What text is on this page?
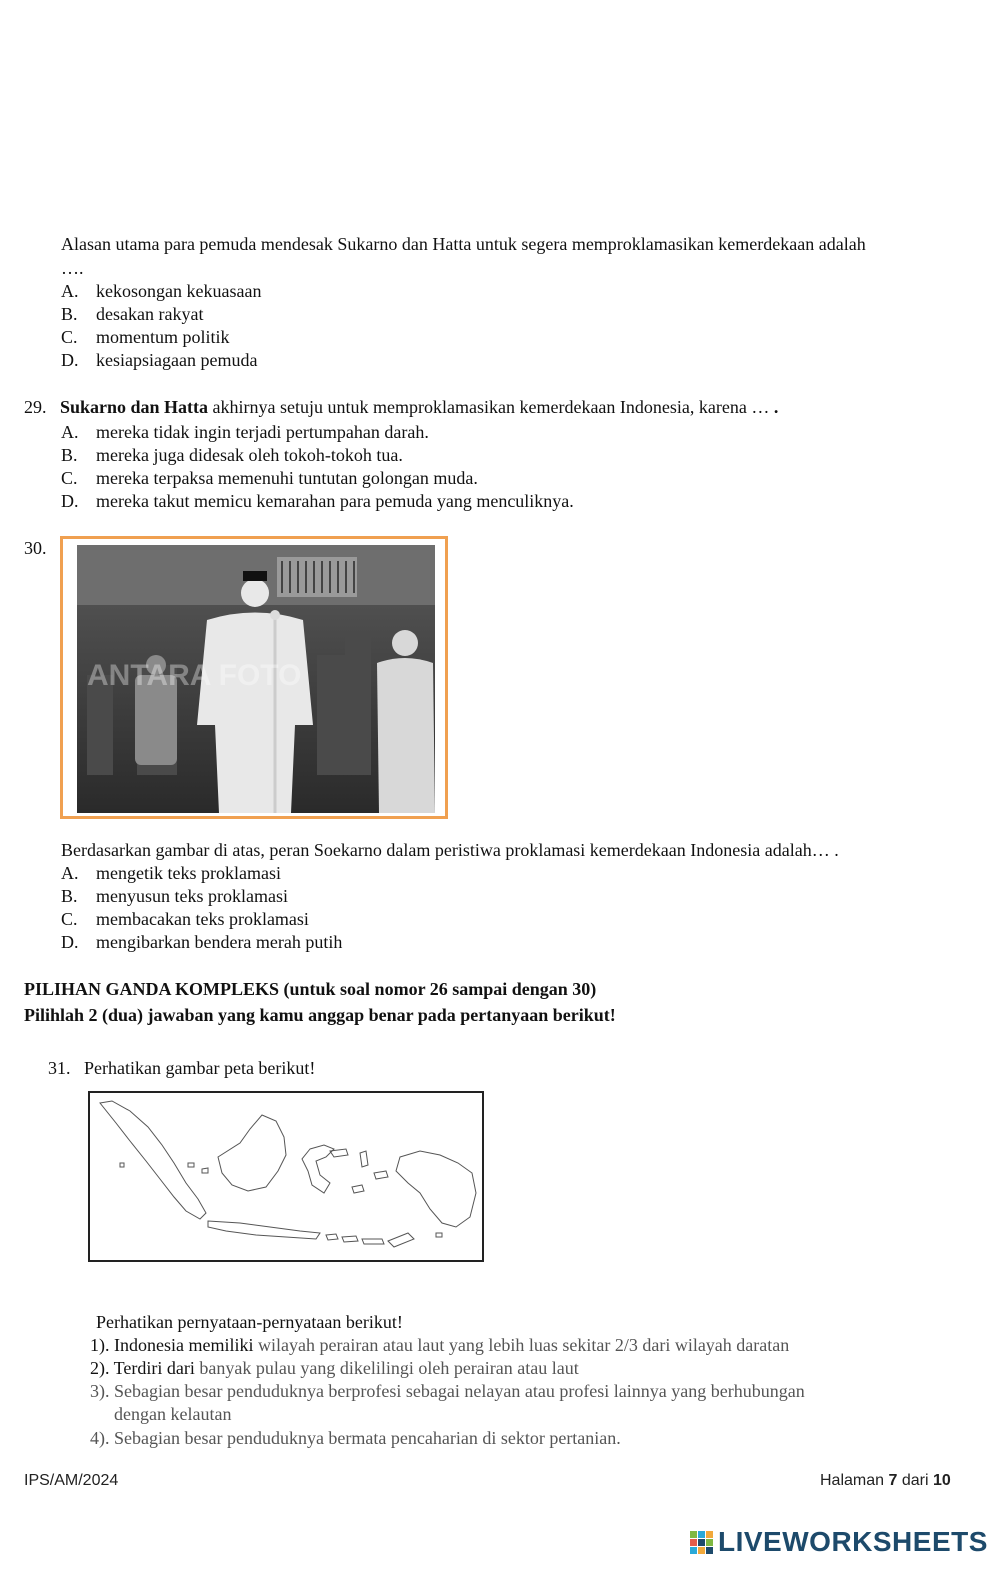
Alasan utama para pemuda mendesak Sukarno dan Hatta untuk segera memproklamasikan kemerdekaan adalah
….
A. kekosongan kekuasaan
B. desakan rakyat
C. momentum politik
D. kesiapsiagaan pemuda
29. Sukarno dan Hatta akhirnya setuju untuk memproklamasikan kemerdekaan Indonesia, karena … .
A. mereka tidak ingin terjadi pertumpahan darah.
B. mereka juga didesak oleh tokoh-tokoh tua.
C. mereka terpaksa memenuhi tuntutan golongan muda.
D. mereka takut memicu kemarahan para pemuda yang menculiknya.
30.
ANTARA FOTO
Berdasarkan gambar di atas, peran Soekarno dalam peristiwa proklamasi kemerdekaan Indonesia adalah… .
A. mengetik teks proklamasi
B. menyusun teks proklamasi
C. membacakan teks proklamasi
D. mengibarkan bendera merah putih
PILIHAN GANDA KOMPLEKS (untuk soal nomor 26 sampai dengan 30)
Pilihlah 2 (dua) jawaban yang kamu anggap benar pada pertanyaan berikut!
31. Perhatikan gambar peta berikut!
Perhatikan pernyataan-pernyataan berikut!
1). Indonesia memiliki wilayah perairan atau laut yang lebih luas sekitar 2/3 dari wilayah daratan
2). Terdiri dari banyak pulau yang dikelilingi oleh perairan atau laut
3). Sebagian besar penduduknya berprofesi sebagai nelayan atau profesi lainnya yang berhubungan
dengan kelautan
4). Sebagian besar penduduknya bermata pencaharian di sektor pertanian.
IPS/AM/2024	Halaman 7 dari 10
LIVEWORKSHEETS
